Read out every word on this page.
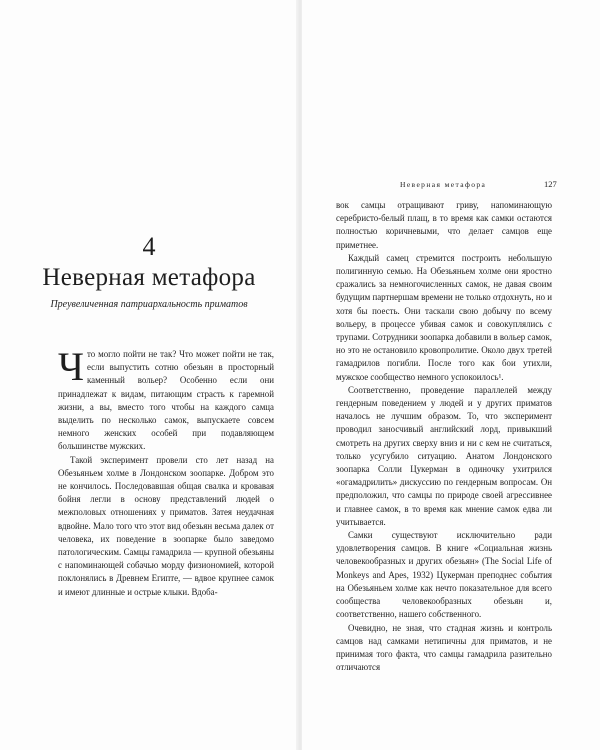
4
Неверная метафора
Преувеличенная патриархальность приматов

Что могло пойти не так? Что может пойти не так, если выпустить сотню обезьян в просторный каменный вольер? Особенно если они принадлежат к видам, питающим страсть к гаремной жизни, а вы, вместо того чтобы на каждого самца выделить по несколько самок, выпускаете совсем немного женских особей при подавляющем большинстве мужских.

Такой эксперимент провели сто лет назад на Обезьяньем холме в Лондонском зоопарке. Добром это не кончилось. Последовавшая общая свалка и кровавая бойня легли в основу представлений людей о межполовых отношениях у приматов. Затея неудачная вдвойне. Мало того что этот вид обезьян весьма далек от человека, их поведение в зоопарке было заведомо патологическим. Самцы гамадрила — крупной обезьяны с напоминающей собачью морду физиономией, которой поклонялись в Древнем Египте, — вдвое крупнее самок и имеют длинные и острые клыки. Вдоба-

Неверная метафора	127

вок самцы отращивают гриву, напоминающую серебристо-белый плащ, в то время как самки остаются полностью коричневыми, что делает самцов еще приметнее.

Каждый самец стремится построить небольшую полигинную семью. На Обезьяньем холме они яростно сражались за немногочисленных самок, не давая своим будущим партнершам времени не только отдохнуть, но и хотя бы поесть. Они таскали свою добычу по всему вольеру, в процессе убивая самок и совокуплялись с трупами. Сотрудники зоопарка добавили в вольер самок, но это не остановило кровопролитие. Около двух третей гамадрилов погибли. После того как бои утихли, мужское сообщество немного успокоилось¹.

Соответственно, проведение параллелей между гендерным поведением у людей и у других приматов началось не лучшим образом. То, что эксперимент проводил заносчивый английский лорд, привыкший смотреть на других сверху вниз и ни с кем не считаться, только усугубило ситуацию. Анатом Лондонского зоопарка Солли Цукерман в одиночку ухитрился «огамадрилить» дискуссию по гендерным вопросам. Он предположил, что самцы по природе своей агрессивнее и главнее самок, в то время как мнение самок едва ли учитывается.

Самки существуют исключительно ради удовлетворения самцов. В книге «Социальная жизнь человекообразных и других обезьян» (The Social Life of Monkeys and Apes, 1932) Цукерман преподнес события на Обезьяньем холме как нечто показательное для всего сообщества человекообразных обезьян и, соответственно, нашего собственного.

Очевидно, не зная, что стадная жизнь и контроль самцов над самками нетипичны для приматов, и не принимая того факта, что самцы гамадрила разительно отличаются
